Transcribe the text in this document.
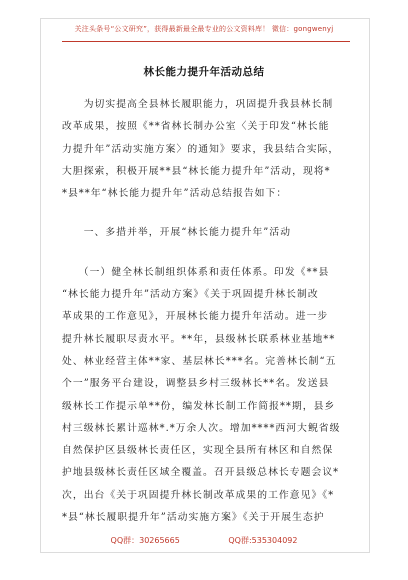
关注头条号“公文研究”，获得最新最全最专业的公文资料库！ 微信：gongwenyj
林长能力提升年活动总结
　　为切实提高全县林长履职能力，巩固提升我县林长制
改革成果，按照《**省林长制办公室〈关于印发“林长能
力提升年”活动实施方案〉的通知》要求，我县结合实际，
大胆探索，积极开展**县“林长能力提升年”活动，现将*
*县**年“林长能力提升年”活动总结报告如下：
　　一、多措并举，开展“林长能力提升年”活动
　　（一）健全林长制组织体系和责任体系。印发《**县
“林长能力提升年”活动方案》《关于巩固提升林长制改
革成果的工作意见》，开展林长能力提升年活动。进一步
提升林长履职尽责水平。**年，县级林长联系林业基地**
处、林业经营主体**家、基层林长***名。完善林长制“五
个一”服务平台建设，调整县乡村三级林长**名。发送县
级林长工作提示单**份，编发林长制工作简报**期，县乡
村三级林长累计巡林*.*万余人次。增加****西河大鲵省级
自然保护区县级林长责任区，实现全县所有林区和自然保
护地县级林长责任区域全覆盖。召开县级总林长专题会议*
次，出台《关于巩固提升林长制改革成果的工作意见》《*
*县“林长履职提升年”活动实施方案》《关于开展生态护
QQ群：30265665	QQ群:535304092
